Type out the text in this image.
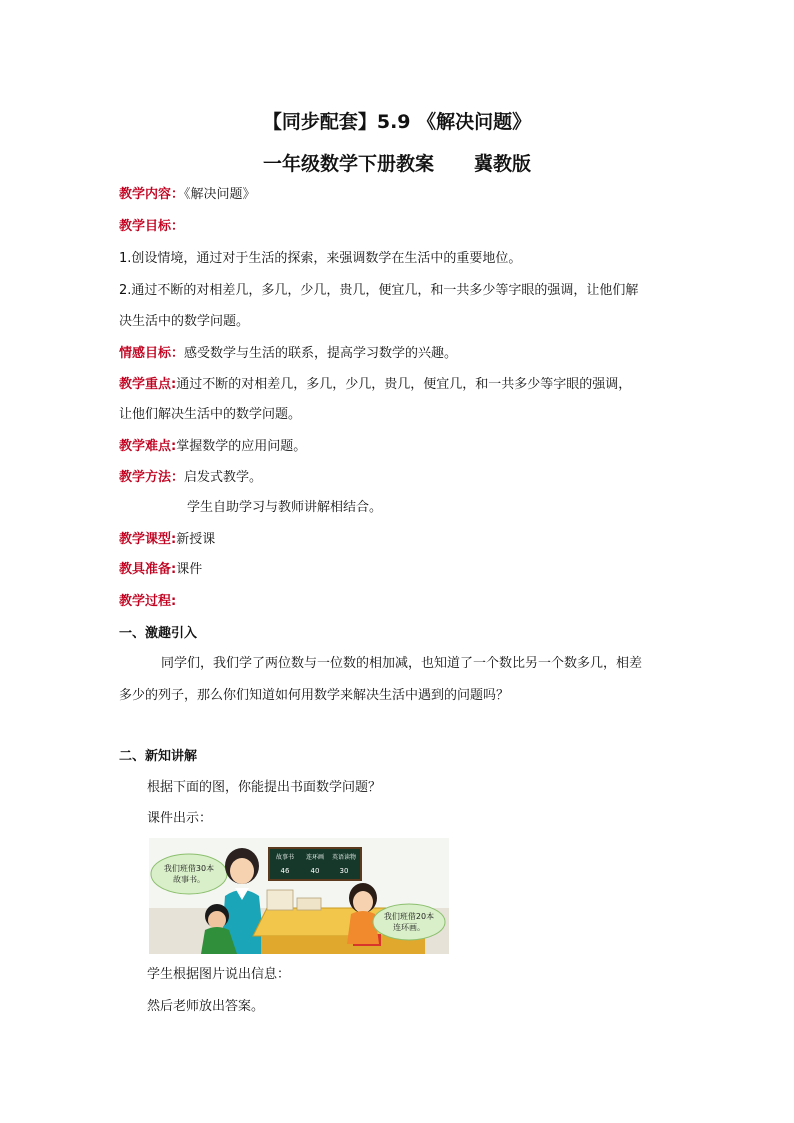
【同步配套】5.9 《解决问题》
一年级数学下册教案 冀教版
教学内容：《解决问题》
教学目标：
1.创设情境，通过对于生活的探索，来强调数学在生活中的重要地位。
2.通过不断的对相差几，多几，少几，贵几，便宜几，和一共多少等字眼的强调，让他们解
决生活中的数学问题。
情感目标：感受数学与生活的联系，提高学习数学的兴趣。
教学重点:通过不断的对相差几，多几，少几，贵几，便宜几，和一共多少等字眼的强调，
让他们解决生活中的数学问题。
教学难点:掌握数学的应用问题。
教学方法：启发式教学。
学生自助学习与教师讲解相结合。
教学课型:新授课
教具准备:课件
教学过程:
一、激趣引入
同学们，我们学了两位数与一位数的相加减，也知道了一个数比另一个数多几，相差
多少的列子，那么你们知道如何用数学来解决生活中遇到的问题吗？
二、新知讲解
根据下面的图，你能提出书面数学问题？
课件出示：
我们班借30本
故事书。
故事书 连环画 英语读物
46	40	30
我们班借20本
连环画。
学生根据图片说出信息：
然后老师放出答案。
